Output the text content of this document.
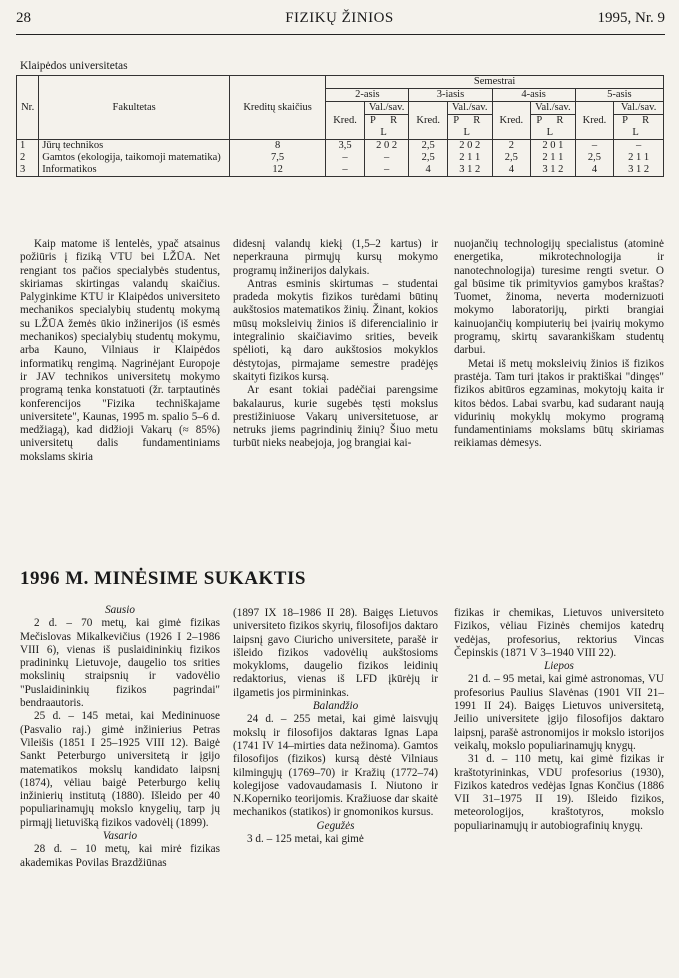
28	FIZIKŲ ŽINIOS	1995, Nr. 9
Klaipėdos universitetas
Nr.	Fakultetas	Kreditų skaičius	Semestrai							
			2-asis		3-iasis		4-asis		5-asis	
			Kred.	Val./sav.	Kred.	Val./sav.	Kred.	Val./sav.	Kred.	Val./sav.
				P R L		P R L		P R L		P R L
1	Jūrų technikos	8	3,5	2 0 2	2,5	2 0 2	2	2 0 1	–	–
2	Gamtos (ekologija, taikomoji matematika)	7,5	–	–	2,5	2 1 1	2,5	2 1 1	2,5	2 1 1
3	Informatikos	12	–	–	4	3 1 2	4	3 1 2	4	3 1 2

Kaip matome iš lentelės, ypač atsainus požiūris į fiziką VTU bei LŽŪA. Net rengiant tos pačios specialybės studentus, skiriamas skirtingas valandų skaičius. Palyginkime KTU ir Klaipėdos universiteto mechanikos specialybių studentų mokymą su LŽŪA žemės ūkio inžinerijos (iš esmės mechanikos) specialybių studentų mokymu, arba Kauno, Vilniaus ir Klaipėdos informatikų rengimą. Nagrinėjant Europoje ir JAV technikos universitetų mokymo programą tenka konstatuoti (žr. tarptautinės konferencijos "Fizika techniškajame universitete", Kaunas, 1995 m. spalio 5–6 d. medžiagą), kad didžioji Vakarų (≈ 85%) universitetų dalis fundamentiniams mokslams skiria

didesnį valandų kiekį (1,5–2 kartus) ir neperkrauna pirmųjų kursų mokymo programų inžinerijos dalykais.

Antras esminis skirtumas – studentai pradeda mokytis fizikos turėdami būtinų aukštosios matematikos žinių. Žinant, kokios mūsų moksleivių žinios iš diferencialinio ir integralinio skaičiavimo srities, beveik spėlioti, ką daro aukštosios mokyklos dėstytojas, pirmajame semestre pradėjęs skaityti fizikos kursą.

Ar esant tokiai padėčiai parengsime bakalaurus, kurie sugebės tęsti mokslus prestižiniuose Vakarų universitetuose, ar netruks jiems pagrindinių žinių? Šiuo metu turbūt nieks neabejoja, jog brangiai kai-

nuojančių technologijų specialistus (atominė energetika, mikrotechnologija ir nanotechnologija) turesime rengti svetur. O gal būsime tik primityvios gamybos kraštas? Tuomet, žinoma, neverta modernizuoti mokymo laboratorijų, pirkti brangiai kainuojančių kompiuterių bei įvairių mokymo programų, skirtų savarankiškam studentų darbui.

Metai iš metų moksleivių žinios iš fizikos prastėja. Tam turi įtakos ir praktiškai "dingęs" fizikos abitūros egzaminas, mokytojų kaita ir kitos bėdos. Labai svarbu, kad sudarant naują vidurinių mokyklų mokymo programą fundamentiniams mokslams būtų skiriamas reikiamas dėmesys.

1996 M. MINĖSIME SUKAKTIS

Sausio

2 d. – 70 metų, kai gimė fizikas Mečislovas Mikalkevičius (1926 I 2–1986 VIII 6), vienas iš puslaidininkių fizikos pradininkų Lietuvoje, daugelio tos srities mokslinių straipsnių ir vadovėlio "Puslaidininkių fizikos pagrindai" bendraautoris.

25 d. – 145 metai, kai Medininuose (Pasvalio raj.) gimė inžinierius Petras Vileišis (1851 I 25–1925 VIII 12). Baigė Sankt Peterburgo universitetą ir įgijo matematikos mokslų kandidato laipsnį (1874), vėliau baigė Peterburgo kelių inžinierių institutą (1880). Išleido per 40 populiarinamųjų mokslo knygelių, tarp jų pirmąjį lietuvišką fizikos vadovėlį (1899).

Vasario

28 d. – 10 metų, kai mirė fizikas akademikas Povilas Brazdžiūnas

(1897 IX 18–1986 II 28). Baigęs Lietuvos universiteto fizikos skyrių, filosofijos daktaro laipsnį gavo Ciuricho universitete, parašė ir išleido fizikos vadovėlių aukštosioms mokykloms, daugelio fizikos leidinių redaktorius, vienas iš LFD įkūrėjų ir ilgametis jos pirmininkas.

Balandžio

24 d. – 255 metai, kai gimė laisvųjų mokslų ir filosofijos daktaras Ignas Lapa (1741 IV 14–mirties data nežinoma). Gamtos filosofijos (fizikos) kursą dėstė Vilniaus kilmingųjų (1769–70) ir Kražių (1772–74) kolegijose vadovaudamasis I. Niutono ir N.Koperniko teorijomis. Kražiuose dar skaitė mechanikos (statikos) ir gnomonikos kursus.

Gegužės

3 d. – 125 metai, kai gimė

fizikas ir chemikas, Lietuvos universiteto Fizikos, vėliau Fizinės chemijos katedrų vedėjas, profesorius, rektorius Vincas Čepinskis (1871 V 3–1940 VIII 22).

Liepos

21 d. – 95 metai, kai gimė astronomas, VU profesorius Paulius Slavėnas (1901 VII 21–1991 II 24). Baigęs Lietuvos universitetą, Jeilio universitete įgijo filosofijos daktaro laipsnį, parašė astronomijos ir mokslo istorijos veikalų, mokslo populiarinamųjų knygų.

31 d. – 110 metų, kai gimė fizikas ir kraštotyrininkas, VDU profesorius (1930), Fizikos katedros vedėjas Ignas Končius (1886 VII 31–1975 II 19). Išleido fizikos, meteorologijos, kraštotyros, mokslo populiarinamųjų ir autobiografinių knygų.
